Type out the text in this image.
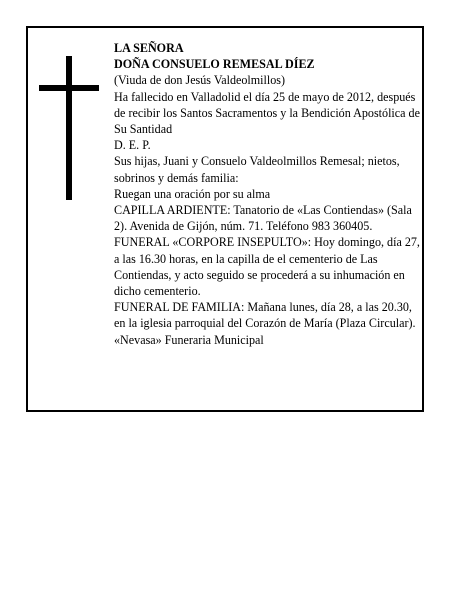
LA SEÑORA

DOÑA CONSUELO REMESAL DÍEZ

(Viuda de don Jesús Valdeolmillos)

Ha fallecido en Valladolid el día 25 de mayo de 2012, después de recibir los Santos Sacramentos y la Bendición Apostólica de Su Santidad

D. E. P.

Sus hijas, Juani y Consuelo Valdeolmillos Remesal; nietos, sobrinos y demás familia:

Ruegan una oración por su alma

CAPILLA ARDIENTE: Tanatorio de «Las Contiendas» (Sala 2). Avenida de Gijón, núm. 71. Teléfono 983 360405.

FUNERAL «CORPORE INSEPULTO»: Hoy domingo, día 27, a las 16.30 horas, en la capilla de el cementerio de Las Contiendas, y acto seguido se procederá a su inhumación en dicho cementerio.

FUNERAL DE FAMILIA: Mañana lunes, día 28, a las 20.30, en la iglesia parroquial del Corazón de María (Plaza Circular).

«Nevasa» Funeraria Municipal
